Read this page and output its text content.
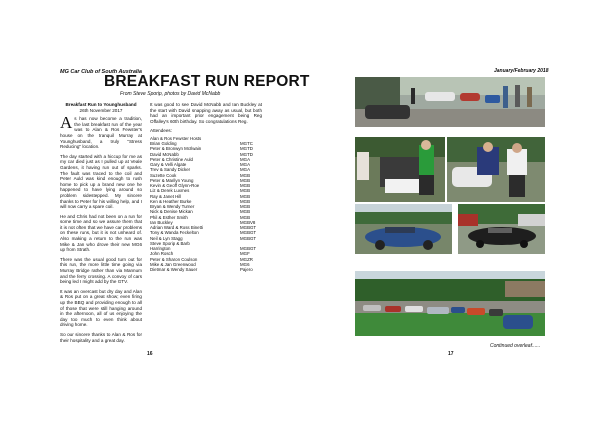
MG Car Club of South Australia	January/February 2018
BREAKFAST RUN REPORT
From Steve Sporip, photos by David McNabb

Breakfast Run to Younghusband

26th November 2017

As has now become a tradition, the last breakfast run of the year was to Alan & Ros Fewster's house on the tranquil Murray at Younghusband, a truly "Stress Reducing" location.

The day started with a hiccup for me as my car died just as I pulled up at Veale Gardens, it having run out of sparks. The fault was traced to the coil and Peter Auld was kind enough to rush home to pick up a brand new one he happened to have lying around so problem sidestepped. My sincere thanks to Peter for his willing help, and I will now carry a spare coil.

He and Chris had not been on a run for some time and so we assure them that it is not often that we have car problems on these runs, but it is not unheard of. Also making a return to the run was Mike & Jan who drove their new MG6 up from Strath.

There was the usual good turn out for this run, the more little time going via Murray Bridge rather than via Mannum and the ferry crossing. A convoy of cars being led I might add by the GTV.

It was an overcast but dry day and Alan & Ros put on a great show; even firing up the BBQ and providing enough to all of those that were still hanging around in the afternoon, all of us enjoying the day too much to even think about driving home.

So our sincere thanks to Alan & Ros for their hospitality and a great day.

It was good to see David McNabb and Ian Buckley at the start with David snapping away as usual, but both had an important prior engagement being Reg Offalley's 60th birthday. So congratulations Reg.

Attendees:

Alan & Ros Fewster Hosts
Brian Golding	MGTC
Peter & Bronwyn McIlwain	MGTD
David McNabb	MGTD
Peter & Christine Auld	MGA
Gary & Velli Algate	MGA
Trev & Sandy Dicker	MGA
Suzette Cook	MGB
Peter & Marilyn Young	MGB
Kevin & Geoff Glynn-Roe	MGB
Liz & Derek Luxmes	MGB
Ray & Janet Hill	MGB
Ken & Heather Burke	MGB
Bryan & Wendy Turner	MGB
Nick & Denise Mickan	MGB
Phil & Esther Smith	MGB
Ian Buckley	MGBV8
Adrian Ward & Ross Binetti	MGBGT
Tony & Wanda Feckelton	MGBGT
Neil & Lyn Stagg	MGBGT
Steve Sporip & Barb
Harrington	MGBGT
John Rosch	MGF
Peter & Sharon Coulson	MGZR
Mike & Jan Greenwood	MG6
Dietmar & Wendy Sauer	Pajero
16	17
Continued overleaf......
